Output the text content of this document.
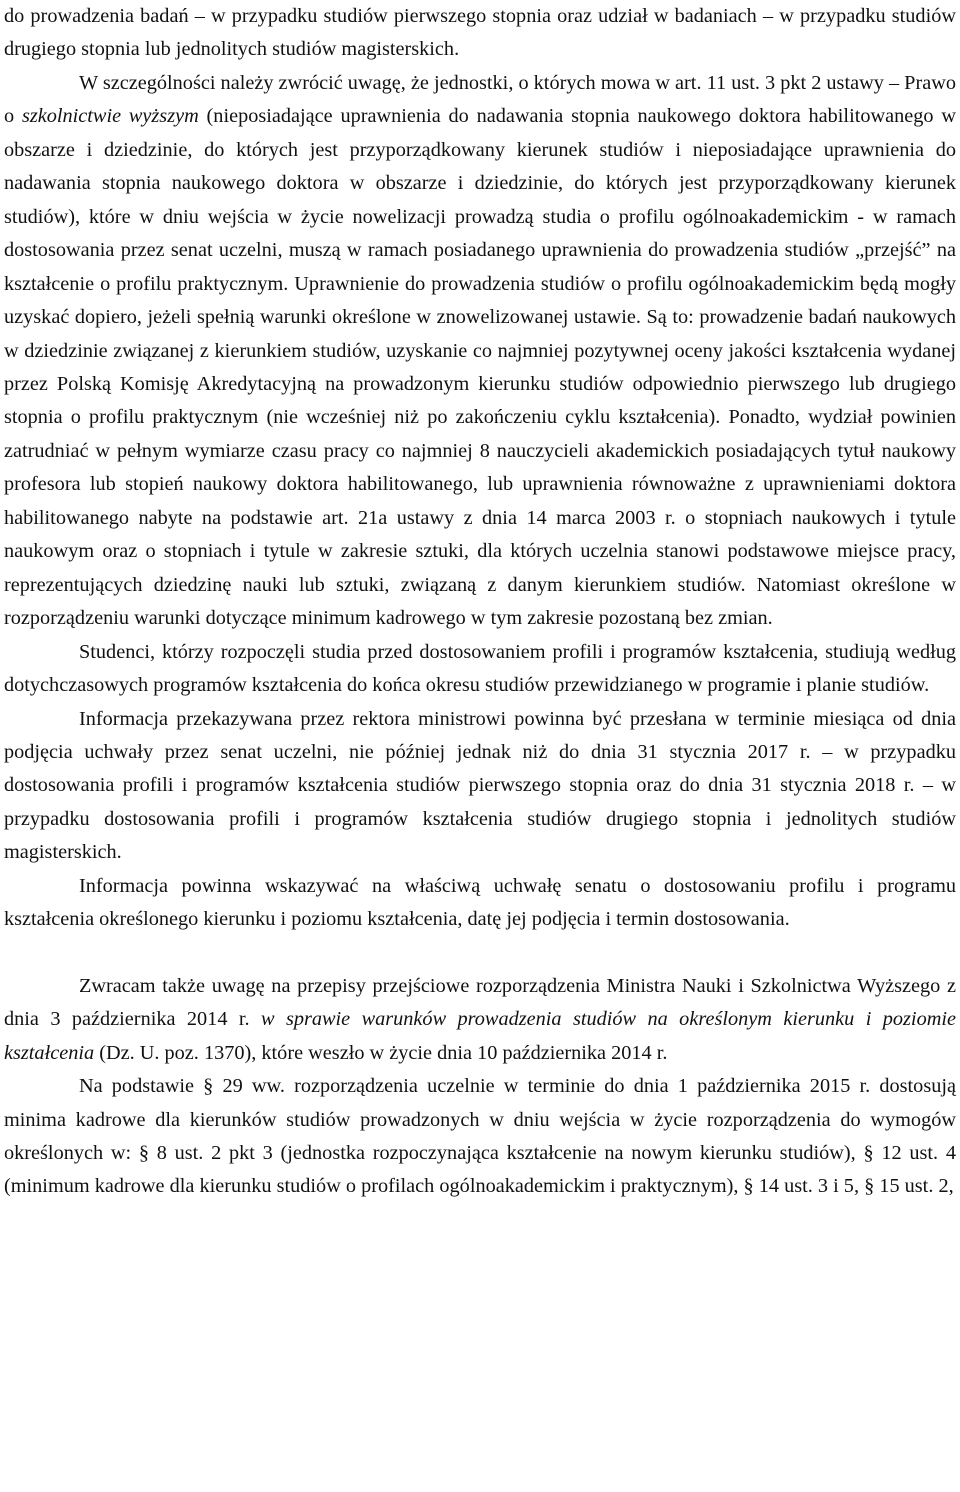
do prowadzenia badań – w przypadku studiów pierwszego stopnia oraz udział w badaniach – w przypadku studiów drugiego stopnia lub jednolitych studiów magisterskich.

W szczególności należy zwrócić uwagę, że jednostki, o których mowa w art. 11 ust. 3 pkt 2 ustawy – Prawo o szkolnictwie wyższym (nieposiadające uprawnienia do nadawania stopnia naukowego doktora habilitowanego w obszarze i dziedzinie, do których jest przyporządkowany kierunek studiów i nieposiadające uprawnienia do nadawania stopnia naukowego doktora w obszarze i dziedzinie, do których jest przyporządkowany kierunek studiów), które w dniu wejścia w życie nowelizacji prowadzą studia o profilu ogólnoakademickim - w ramach dostosowania przez senat uczelni, muszą w ramach posiadanego uprawnienia do prowadzenia studiów „przejść” na kształcenie o profilu praktycznym. Uprawnienie do prowadzenia studiów o profilu ogólnoakademickim będą mogły uzyskać dopiero, jeżeli spełnią warunki określone w znowelizowanej ustawie. Są to: prowadzenie badań naukowych w dziedzinie związanej z kierunkiem studiów, uzyskanie co najmniej pozytywnej oceny jakości kształcenia wydanej przez Polską Komisję Akredytacyjną na prowadzonym kierunku studiów odpowiednio pierwszego lub drugiego stopnia o profilu praktycznym (nie wcześniej niż po zakończeniu cyklu kształcenia). Ponadto, wydział powinien zatrudniać w pełnym wymiarze czasu pracy co najmniej 8 nauczycieli akademickich posiadających tytuł naukowy profesora lub stopień naukowy doktora habilitowanego, lub uprawnienia równoważne z uprawnieniami doktora habilitowanego nabyte na podstawie art. 21a ustawy z dnia 14 marca 2003 r. o stopniach naukowych i tytule naukowym oraz o stopniach i tytule w zakresie sztuki, dla których uczelnia stanowi podstawowe miejsce pracy, reprezentujących dziedzinę nauki lub sztuki, związaną z danym kierunkiem studiów. Natomiast określone w rozporządzeniu warunki dotyczące minimum kadrowego w tym zakresie pozostaną bez zmian.

Studenci, którzy rozpoczęli studia przed dostosowaniem profili i programów kształcenia, studiują według dotychczasowych programów kształcenia do końca okresu studiów przewidzianego w programie i planie studiów.

Informacja przekazywana przez rektora ministrowi powinna być przesłana w terminie miesiąca od dnia podjęcia uchwały przez senat uczelni, nie później jednak niż do dnia 31 stycznia 2017 r. – w przypadku dostosowania profili i programów kształcenia studiów pierwszego stopnia oraz do dnia 31 stycznia 2018 r. – w przypadku dostosowania profili i programów kształcenia studiów drugiego stopnia i jednolitych studiów magisterskich.

Informacja powinna wskazywać na właściwą uchwałę senatu o dostosowaniu profilu i programu kształcenia określonego kierunku i poziomu kształcenia, datę jej podjęcia i termin dostosowania.

Zwracam także uwagę na przepisy przejściowe rozporządzenia Ministra Nauki i Szkolnictwa Wyższego z dnia 3 października 2014 r. w sprawie warunków prowadzenia studiów na określonym kierunku i poziomie kształcenia (Dz. U. poz. 1370), które weszło w życie dnia 10 października 2014 r.

Na podstawie § 29 ww. rozporządzenia uczelnie w terminie do dnia 1 października 2015 r. dostosują minima kadrowe dla kierunków studiów prowadzonych w dniu wejścia w życie rozporządzenia do wymogów określonych w: § 8 ust. 2 pkt 3 (jednostka rozpoczynająca kształcenie na nowym kierunku studiów), § 12 ust. 4 (minimum kadrowe dla kierunku studiów o profilach ogólnoakademickim i praktycznym), § 14 ust. 3 i 5, § 15 ust. 2,
